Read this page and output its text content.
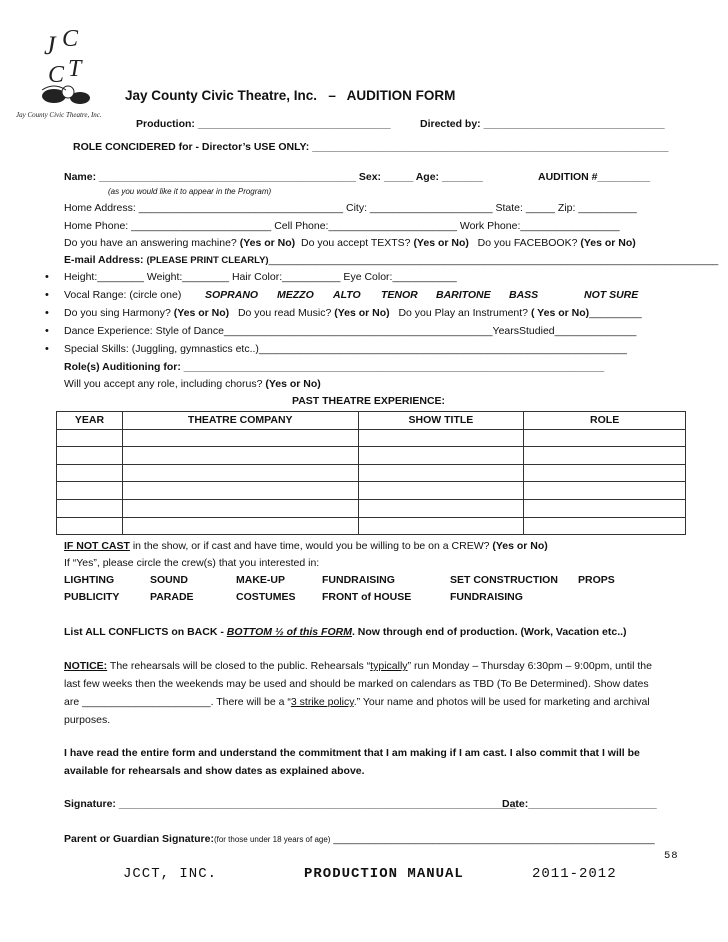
J C
T
C
Jay County Civic Theatre, Inc.
Jay County Civic Theatre, Inc. – AUDITION FORM
Production: _________________________________	Directed by: _______________________________
ROLE CONCIDERED for - Director’s USE ONLY: _____________________________________________________________
Name: ____________________________________________ Sex: _____ Age: _______	AUDITION #_________
(as you would like it to appear in the Program)
Home Address: ___________________________________ City: _____________________ State: _____ Zip: __________
Home Phone: ________________________ Cell Phone:______________________ Work Phone:_________________
Do you have an answering machine? (Yes or No) Do you accept TEXTS? (Yes or No) Do you FACEBOOK? (Yes or No)
E-mail Address: (PLEASE PRINT CLEARLY)_____________________________________________________________________________
• Height:________ Weight:________ Hair Color:__________ Eye Color:___________
• Vocal Range: (circle one) SOPRANO MEZZO ALTO TENOR BARITONE BASS	NOT SURE
• Do you sing Harmony? (Yes or No) Do you read Music? (Yes or No) Do you Play an Instrument? ( Yes or No)_________
• Dance Experience: Style of Dance______________________________________________YearsStudied______________
• Special Skills: (Juggling, gymnastics etc..)_______________________________________________________________
Role(s) Auditioning for: ________________________________________________________________________
Will you accept any role, including chorus? (Yes or No)
PAST THEATRE EXPERIENCE:
YEAR	THEATRE COMPANY	SHOW TITLE	ROLE

IF NOT CAST in the show, or if cast and have time, would you be willing to be on a CREW? (Yes or No)
If “Yes”, please circle the crew(s) that you interested in:
LIGHTING	SOUND	MAKE-UP	FUNDRAISING	SET CONSTRUCTION PROPS
PUBLICITY	PARADE	COSTUMES	FRONT of HOUSE	FUNDRAISING
List ALL CONFLICTS on BACK - BOTTOM ½ of this FORM. Now through end of production. (Work, Vacation etc..)
NOTICE: The rehearsals will be closed to the public. Rehearsals “typically” run Monday – Thursday 6:30pm – 9:00pm, until the
last few weeks then the weekends may be used and should be marked on calendars as TBD (To Be Determined). Show dates
are ______________________. There will be a “3 strike policy.” Your name and photos will be used for marketing and archival
purposes.
I have read the entire form and understand the commitment that I am making if I am cast. I also commit that I will be
available for rehearsals and show dates as explained above.
Signature: ____________________________________________________________________
Date:______________________
Parent or Guardian Signature:(for those under 18 years of age) _______________________________________________________
58
JCCT, INC.	PRODUCTION MANUAL	2011-2012
